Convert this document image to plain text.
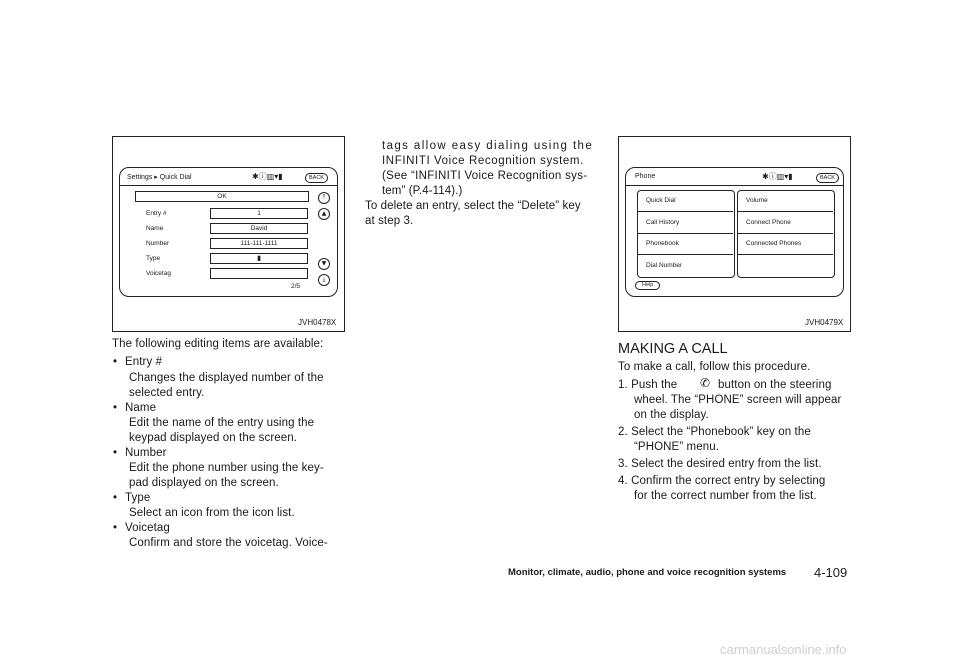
Settings ▸ Quick Dial	✱ⓘ▥▾▮	BACK
OK
Entry #	1
Name	David
Number	111-111-1111
Type	▮
Voicetag
2/5
⤒
▲
▼
⤓
JVH0478X
Phone	✱ⓘ▥▾▮	BACK
Quick Dial
Call History
Phonebook
Dial Number
Volume
Connect Phone
Connected Phones
Help
JVH0479X
The following editing items are available:
• Entry #
Changes the displayed number of the
selected entry.
• Name
Edit the name of the entry using the
keypad displayed on the screen.
• Number
Edit the phone number using the key-
pad displayed on the screen.
• Type
Select an icon from the icon list.
• Voicetag
Confirm and store the voicetag. Voice-
tags allow easy dialing using the
INFINITI Voice Recognition system.
(See “INFINITI Voice Recognition sys-
tem” (P.4-114).)
To delete an entry, select the “Delete” key
at step 3.
MAKING A CALL
To make a call, follow this procedure.
1. Push the ✆ button on the steering
wheel. The “PHONE” screen will appear
on the display.
2. Select the “Phonebook” key on the
“PHONE” menu.
3. Select the desired entry from the list.
4. Confirm the correct entry by selecting
for the correct number from the list.
Monitor, climate, audio, phone and voice recognition systems 4-109
carmanualsonline.info
